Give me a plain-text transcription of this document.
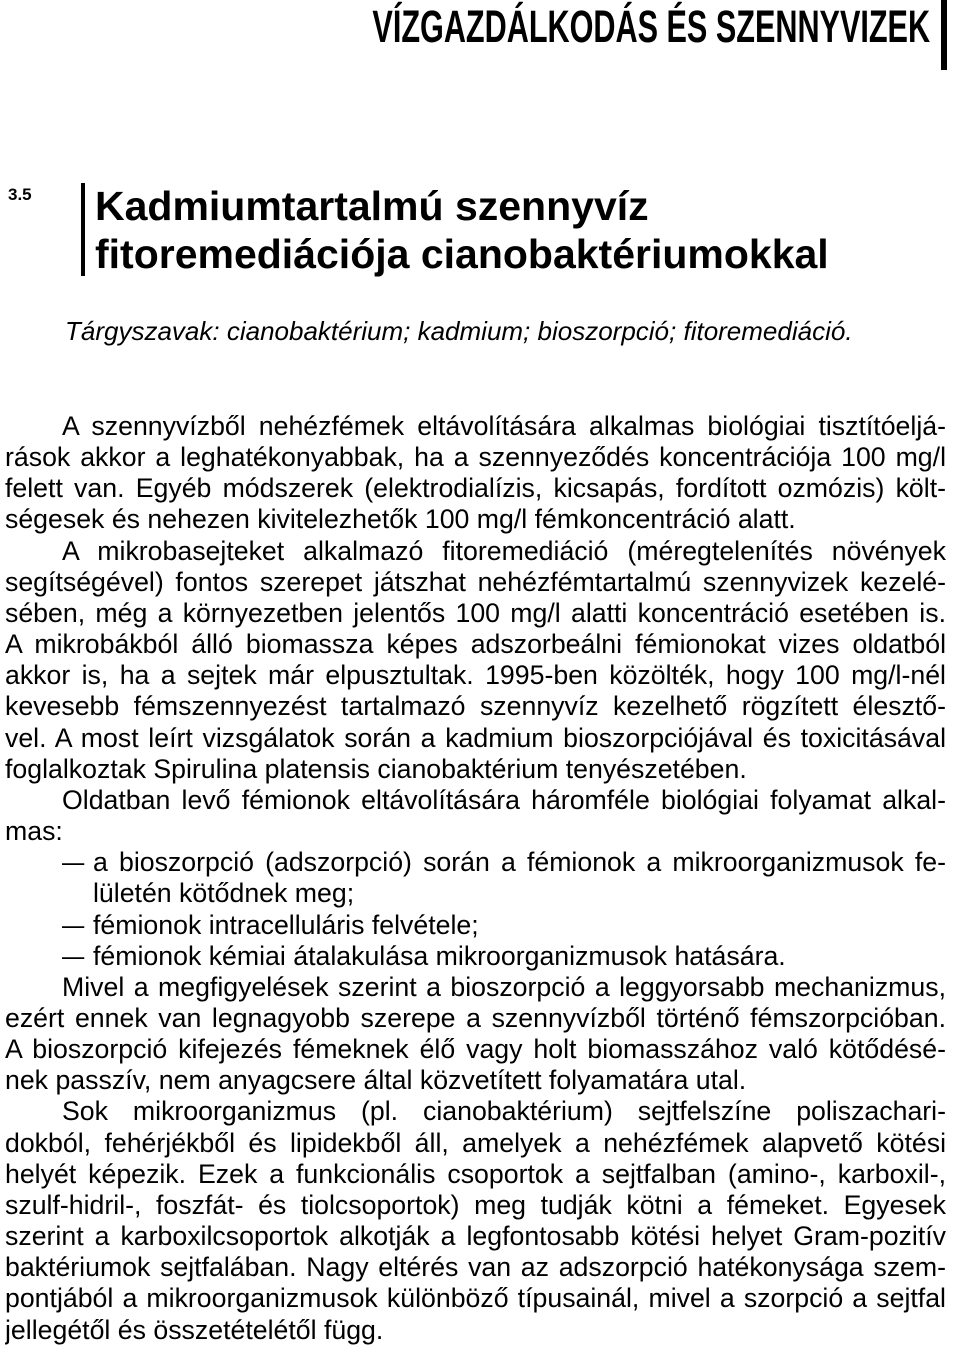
VÍZGAZDÁLKODÁS ÉS SZENNYVIZEK
3.5 Kadmiumtartalmú szennyvíz
fitoremediációja cianobaktériumokkal
Tárgyszavak: cianobaktérium; kadmium; bioszorpció; fitoremediáció.
A szennyvízből nehézfémek eltávolítására alkalmas biológiai tisztítóeljá-
rások akkor a leghatékonyabbak, ha a szennyeződés koncentrációja 100 mg/l
felett van. Egyéb módszerek (elektrodialízis, kicsapás, fordított ozmózis) költ-
ségesek és nehezen kivitelezhetők 100 mg/l fémkoncentráció alatt.
A mikrobasejteket alkalmazó fitoremediáció (méregtelenítés növények
segítségével) fontos szerepet játszhat nehézfémtartalmú szennyvizek kezelé-
sében, még a környezetben jelentős 100 mg/l alatti koncentráció esetében is.
A mikrobákból álló biomassza képes adszorbeálni fémionokat vizes oldatból
akkor is, ha a sejtek már elpusztultak. 1995-ben közölték, hogy 100 mg/l-nél
kevesebb fémszennyezést tartalmazó szennyvíz kezelhető rögzített élesztő-
vel. A most leírt vizsgálatok során a kadmium bioszorpciójával és toxicitásával
foglalkoztak Spirulina platensis cianobaktérium tenyészetében.
Oldatban levő fémionok eltávolítására háromféle biológiai folyamat alkal-
mas:
– a bioszorpció (adszorpció) során a fémionok a mikroorganizmusok fe-
lületén kötődnek meg;
– fémionok intracelluláris felvétele;
– fémionok kémiai átalakulása mikroorganizmusok hatására.
Mivel a megfigyelések szerint a bioszorpció a leggyorsabb mechanizmus,
ezért ennek van legnagyobb szerepe a szennyvízből történő fémszorpcióban.
A bioszorpció kifejezés fémeknek élő vagy holt biomasszához való kötődésé-
nek passzív, nem anyagcsere által közvetített folyamatára utal.
Sok mikroorganizmus (pl. cianobaktérium) sejtfelszíne poliszachari-
dokból, fehérjékből és lipidekből áll, amelyek a nehézfémek alapvető kötési
helyét képezik. Ezek a funkcionális csoportok a sejtfalban (amino-, karboxil-,
szulf-hidril-, foszfát- és tiolcsoportok) meg tudják kötni a fémeket. Egyesek
szerint a karboxilcsoportok alkotják a legfontosabb kötési helyet Gram-pozitív
baktériumok sejtfalában. Nagy eltérés van az adszorpció hatékonysága szem-
pontjából a mikroorganizmusok különböző típusainál, mivel a szorpció a sejtfal
jellegétől és összetételétől függ.
